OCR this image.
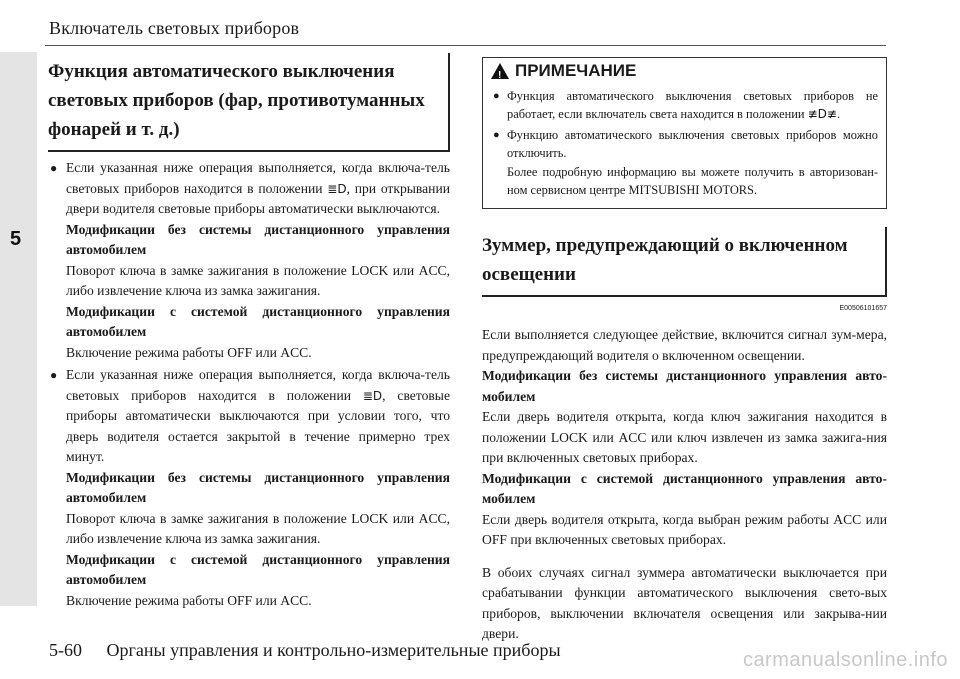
5
Включатель световых приборов
Функция автоматического выключения световых приборов (фар, противотуманных фонарей и т. д.)
● Если указанная ниже операция выполняется, когда включа-тель световых приборов находится в положении ≣D, при открывании двери водителя световые приборы автоматически выключаются.

Модификации без системы дистанционного управления автомобилем

Поворот ключа в замке зажигания в положение LOCK или ACC, либо извлечение ключа из замка зажигания.

Модификации с системой дистанционного управления автомобилем

Включение режима работы OFF или ACC.

● Если указанная ниже операция выполняется, когда включа-тель световых приборов находится в положении ≣D, световые приборы автоматически выключаются при условии того, что дверь водителя остается закрытой в течение примерно трех минут.

Модификации без системы дистанционного управления автомобилем

Поворот ключа в замке зажигания в положение LOCK или ACC, либо извлечение ключа из замка зажигания.

Модификации с системой дистанционного управления автомобилем

Включение режима работы OFF или ACC.

! ПРИМЕЧАНИЕ
● Функция автоматического выключения световых приборов не работает, если включатель света находится в положении ≢D≢.

● Функцию автоматического выключения световых приборов можно отключить.

Более подробную информацию вы можете получить в авторизован-ном сервисном центре MITSUBISHI MOTORS.

Зуммер, предупреждающий о включенном освещении
E00506101657

Если выполняется следующее действие, включится сигнал зум-мера, предупреждающий водителя о включенном освещении.

Модификации без системы дистанционного управления авто-мобилем

Если дверь водителя открыта, когда ключ зажигания находится в положении LOCK или ACC или ключ извлечен из замка зажига-ния при включенных световых приборах.

Модификации с системой дистанционного управления авто-мобилем

Если дверь водителя открыта, когда выбран режим работы ACC или OFF при включенных световых приборах.

В обоих случаях сигнал зуммера автоматически выключается при срабатывании функции автоматического выключения свето-вых приборов, выключении включателя освещения или закрыва-нии двери.

5-60 Органы управления и контрольно-измерительные приборы	carmanualsonline.info
